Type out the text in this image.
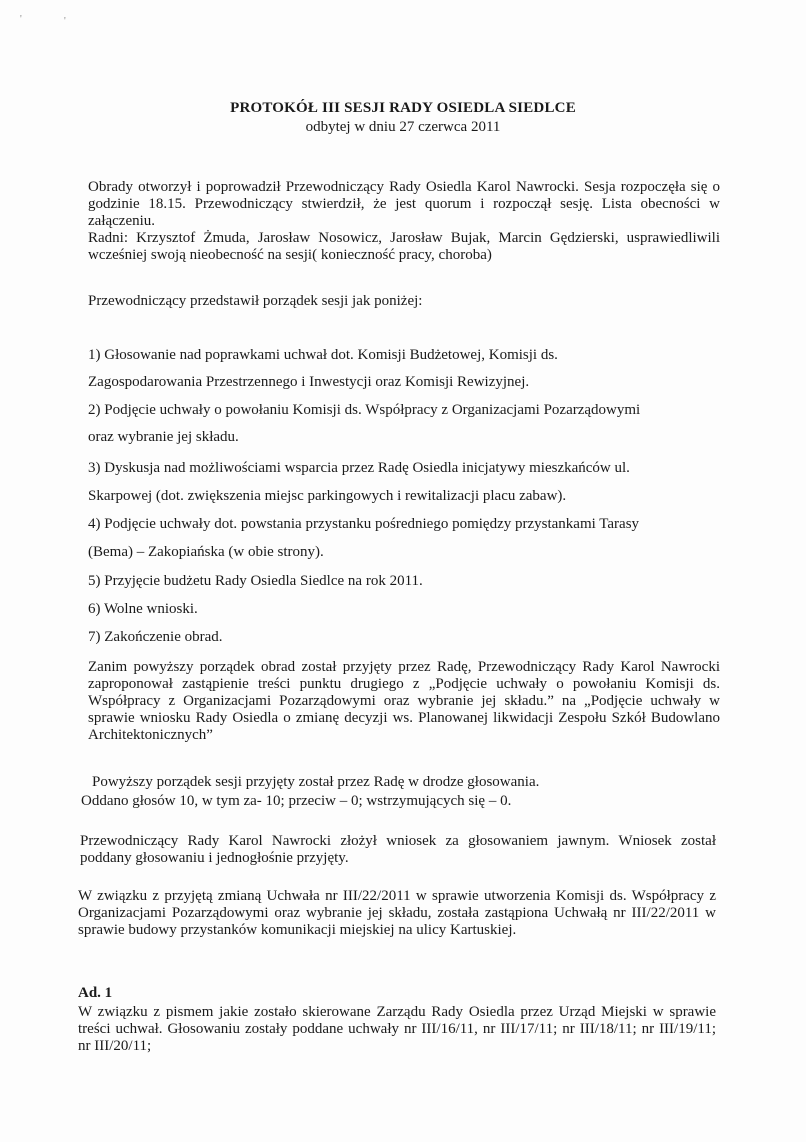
'	'
PROTOKÓŁ III SESJI RADY OSIEDLA SIEDLCE
odbytej w dniu 27 czerwca 2011

Obrady otworzył i poprowadził Przewodniczący Rady Osiedla Karol Nawrocki. Sesja rozpoczęła się o godzinie 18.15. Przewodniczący stwierdził, że jest quorum i rozpoczął sesję. Lista obecności w załączeniu.

Radni: Krzysztof Żmuda, Jarosław Nosowicz, Jarosław Bujak, Marcin Gędzierski, usprawiedliwili wcześniej swoją nieobecność na sesji( konieczność pracy, choroba)

Przewodniczący przedstawił porządek sesji jak poniżej:
1) Głosowanie nad poprawkami uchwał dot. Komisji Budżetowej, Komisji ds.
Zagospodarowania Przestrzennego i Inwestycji oraz Komisji Rewizyjnej.
2) Podjęcie uchwały o powołaniu Komisji ds. Współpracy z Organizacjami Pozarządowymi
oraz wybranie jej składu.
3) Dyskusja nad możliwościami wsparcia przez Radę Osiedla inicjatywy mieszkańców ul.
Skarpowej (dot. zwiększenia miejsc parkingowych i rewitalizacji placu zabaw).
4) Podjęcie uchwały dot. powstania przystanku pośredniego pomiędzy przystankami Tarasy
(Bema) – Zakopiańska (w obie strony).
5) Przyjęcie budżetu Rady Osiedla Siedlce na rok 2011.
6) Wolne wnioski.
7) Zakończenie obrad.
Zanim powyższy porządek obrad został przyjęty przez Radę, Przewodniczący Rady Karol Nawrocki zaproponował zastąpienie treści punktu drugiego z „Podjęcie uchwały o powołaniu Komisji ds. Współpracy z Organizacjami Pozarządowymi oraz wybranie jej składu.” na „Podjęcie uchwały w sprawie wniosku Rady Osiedla o zmianę decyzji ws. Planowanej likwidacji Zespołu Szkół Budowlano Architektonicznych”
Powyższy porządek sesji przyjęty został przez Radę w drodze głosowania.
Oddano głosów 10, w tym za- 10; przeciw – 0; wstrzymujących się – 0.
Przewodniczący Rady Karol Nawrocki złożył wniosek za głosowaniem jawnym. Wniosek został poddany głosowaniu i jednogłośnie przyjęty.
W związku z przyjętą zmianą Uchwała nr III/22/2011 w sprawie utworzenia Komisji ds. Współpracy z Organizacjami Pozarządowymi oraz wybranie jej składu, została zastąpiona Uchwałą nr III/22/2011 w sprawie budowy przystanków komunikacji miejskiej na ulicy Kartuskiej.
Ad. 1
W związku z pismem jakie zostało skierowane Zarządu Rady Osiedla przez Urząd Miejski w sprawie treści uchwał. Głosowaniu zostały poddane uchwały nr III/16/11, nr III/17/11; nr III/18/11; nr III/19/11; nr III/20/11;
